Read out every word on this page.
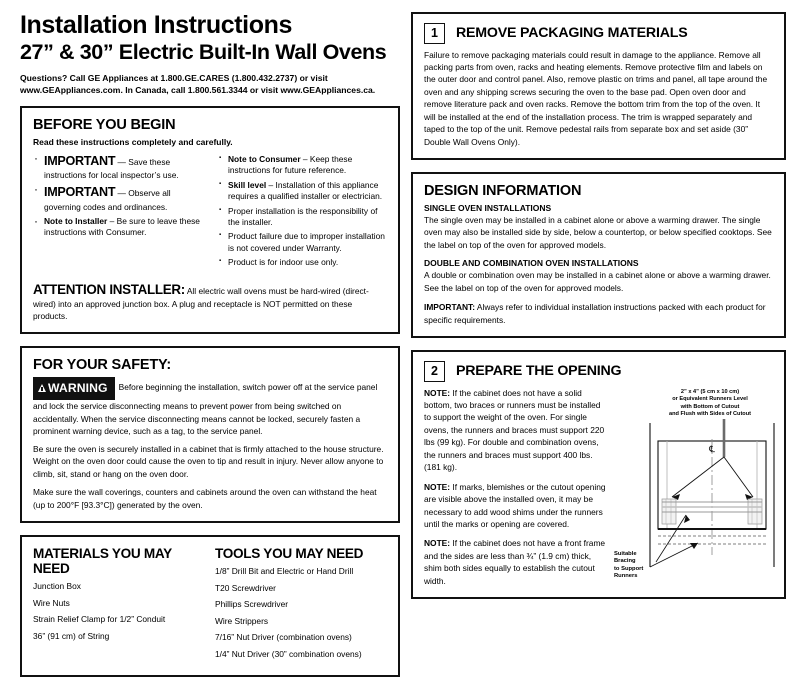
Installation Instructions
27” & 30” Electric Built-In Wall Ovens
Questions? Call GE Appliances at 1.800.GE.CARES (1.800.432.2737) or visit
www.GEAppliances.com. In Canada, call 1.800.561.3344 or visit www.GEAppliances.ca.
BEFORE YOU BEGIN
Read these instructions completely and carefully.
· IMPORTANT — Save these instructions for local inspector’s use.
· IMPORTANT — Observe all governing codes and ordinances.
· Note to Installer – Be sure to leave these instructions with Consumer.
▪ Note to Consumer – Keep these instructions for future reference.
▪ Skill level – Installation of this appliance requires a qualified installer or electrician.
▪ Proper installation is the responsibility of the installer.
▪ Product failure due to improper installation is not covered under Warranty.
▪ Product is for indoor use only.
ATTENTION INSTALLER: All electric wall ovens must be hard-wired (direct-wired) into an approved junction box. A plug and receptacle is NOT permitted on these products.
FOR YOUR SAFETY:

WARNING Before beginning the installation, switch power off at the service panel and lock the service disconnecting means to prevent power from being switched on accidentally. When the service disconnecting means cannot be locked, securely fasten a prominent warning device, such as a tag, to the service panel.

Be sure the oven is securely installed in a cabinet that is firmly attached to the house structure. Weight on the oven door could cause the oven to tip and result in injury. Never allow anyone to climb, sit, stand or hang on the oven door.

Make sure the wall coverings, counters and cabinets around the oven can withstand the heat (up to 200°F [93.3°C]) generated by the oven.

MATERIALS YOU MAY NEED
Junction Box
Wire Nuts
Strain Relief Clamp for 1/2” Conduit
36” (91 cm) of String
TOOLS YOU MAY NEED
1/8” Drill Bit and Electric or Hand Drill
T20 Screwdriver
Phillips Screwdriver
Wire Strippers
7/16” Nut Driver (combination ovens)
1/4” Nut Driver (30” combination ovens)
1	REMOVE PACKAGING MATERIALS

Failure to remove packaging materials could result in damage to the appliance. Remove all packing parts from oven, racks and heating elements. Remove protective film and labels on the outer door and control panel. Also, remove plastic on trims and panel, all tape around the oven and any shipping screws securing the oven to the base pad. Open oven door and remove literature pack and oven racks. Remove the bottom trim from the top of the oven. It will be installed at the end of the installation process. The trim is wrapped separately and taped to the top of the unit. Remove pedestal rails from separate box and set aside (30” Double Wall Ovens Only).

DESIGN INFORMATION
SINGLE OVEN INSTALLATIONS

The single oven may be installed in a cabinet alone or above a warming drawer. The single oven may also be installed side by side, below a countertop, or below specified cooktops. See the label on top of the oven for approved models.

DOUBLE AND COMBINATION OVEN INSTALLATIONS

A double or combination oven may be installed in a cabinet alone or above a warming drawer. See the label on top of the oven for approved models.

IMPORTANT: Always refer to individual installation instructions packed with each product for specific requirements.

2	PREPARE THE OPENING

NOTE: If the cabinet does not have a solid bottom, two braces or runners must be installed to support the weight of the oven. For single ovens, the runners and braces must support 220 lbs (99 kg). For double and combination ovens, the runners and braces must support 400 lbs. (181 kg).

NOTE: If marks, blemishes or the cutout opening are visible above the installed oven, it may be necessary to add wood shims under the runners until the marks or opening are covered.

NOTE: If the cabinet does not have a front frame and the sides are less than ¾” (1.9 cm) thick, shim both sides equally to establish the cutout width.

2” x 4” (5 cm x 10 cm)
or Equivalent Runners Level
with Bottom of Cutout
and Flush with Sides of Cutout
℄
Suitable
Bracing
to Support
Runners
